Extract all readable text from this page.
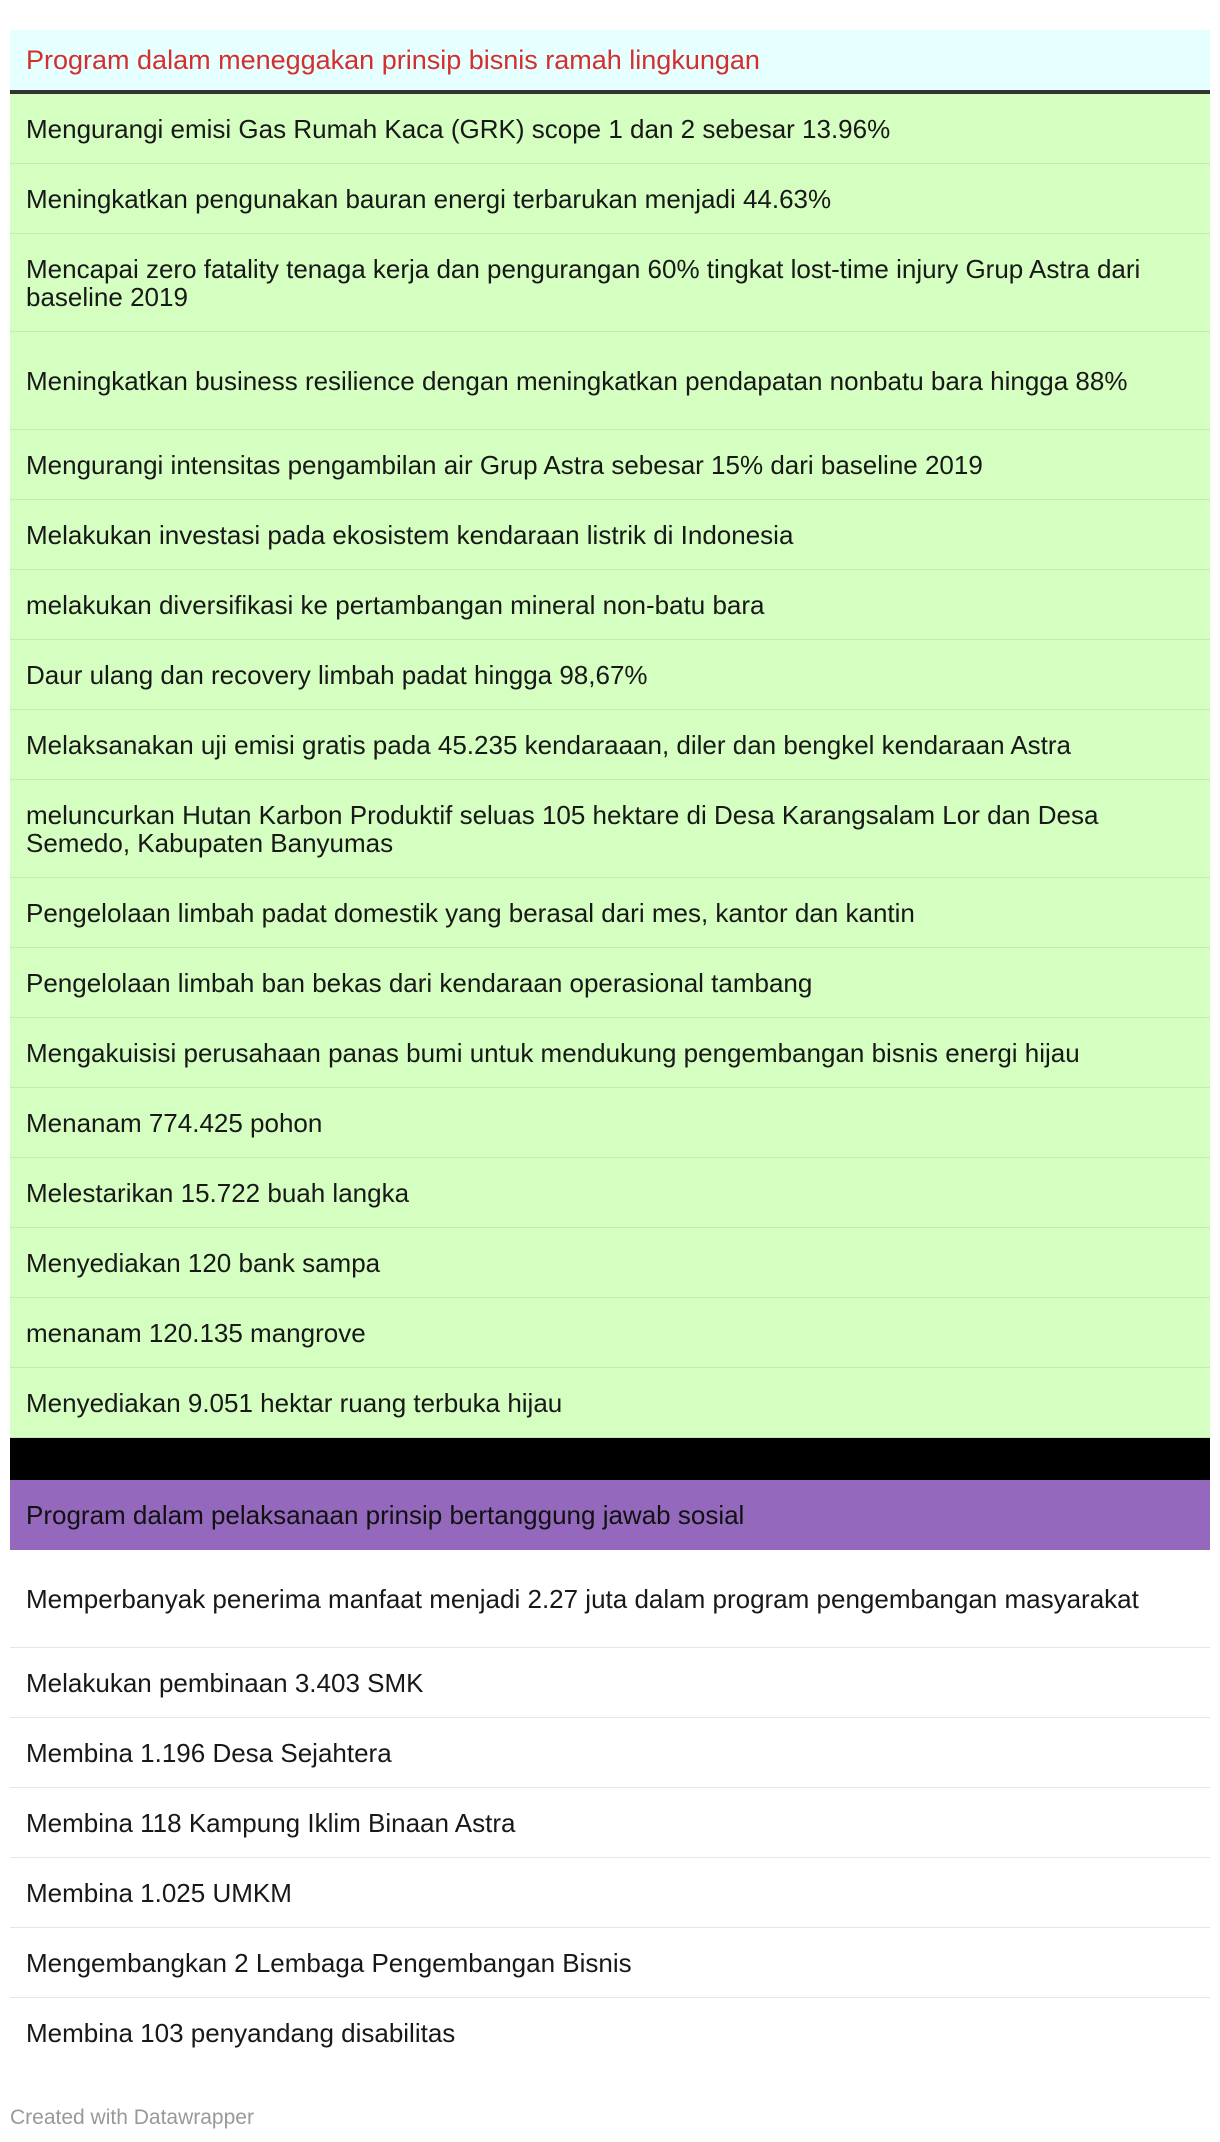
Program dalam meneggakan prinsip bisnis ramah lingkungan
Mengurangi emisi Gas Rumah Kaca (GRK) scope 1 dan 2 sebesar 13.96%
Meningkatkan pengunakan bauran energi terbarukan menjadi 44.63%
Mencapai zero fatality tenaga kerja dan pengurangan 60% tingkat lost-time injury Grup Astra dari baseline 2019
Meningkatkan business resilience dengan meningkatkan pendapatan nonbatu bara hingga 88%
Mengurangi intensitas pengambilan air Grup Astra sebesar 15% dari baseline 2019
Melakukan investasi pada ekosistem kendaraan listrik di Indonesia
melakukan diversifikasi ke pertambangan mineral non-batu bara
Daur ulang dan recovery limbah padat hingga 98,67%
Melaksanakan uji emisi gratis pada 45.235 kendaraaan, diler dan bengkel kendaraan Astra
meluncurkan Hutan Karbon Produktif seluas 105 hektare di Desa Karangsalam Lor dan Desa Semedo, Kabupaten Banyumas
Pengelolaan limbah padat domestik yang berasal dari mes, kantor dan kantin
Pengelolaan limbah ban bekas dari kendaraan operasional tambang
Mengakuisisi perusahaan panas bumi untuk mendukung pengembangan bisnis energi hijau
Menanam 774.425 pohon
Melestarikan 15.722 buah langka
Menyediakan 120 bank sampa
menanam 120.135 mangrove
Menyediakan 9.051 hektar ruang terbuka hijau
Program dalam pelaksanaan prinsip bertanggung jawab sosial
Memperbanyak penerima manfaat menjadi 2.27 juta dalam program pengembangan masyarakat
Melakukan pembinaan 3.403 SMK
Membina 1.196 Desa Sejahtera
Membina 118 Kampung Iklim Binaan Astra
Membina 1.025 UMKM
Mengembangkan 2 Lembaga Pengembangan Bisnis
Membina 103 penyandang disabilitas
Created with Datawrapper
